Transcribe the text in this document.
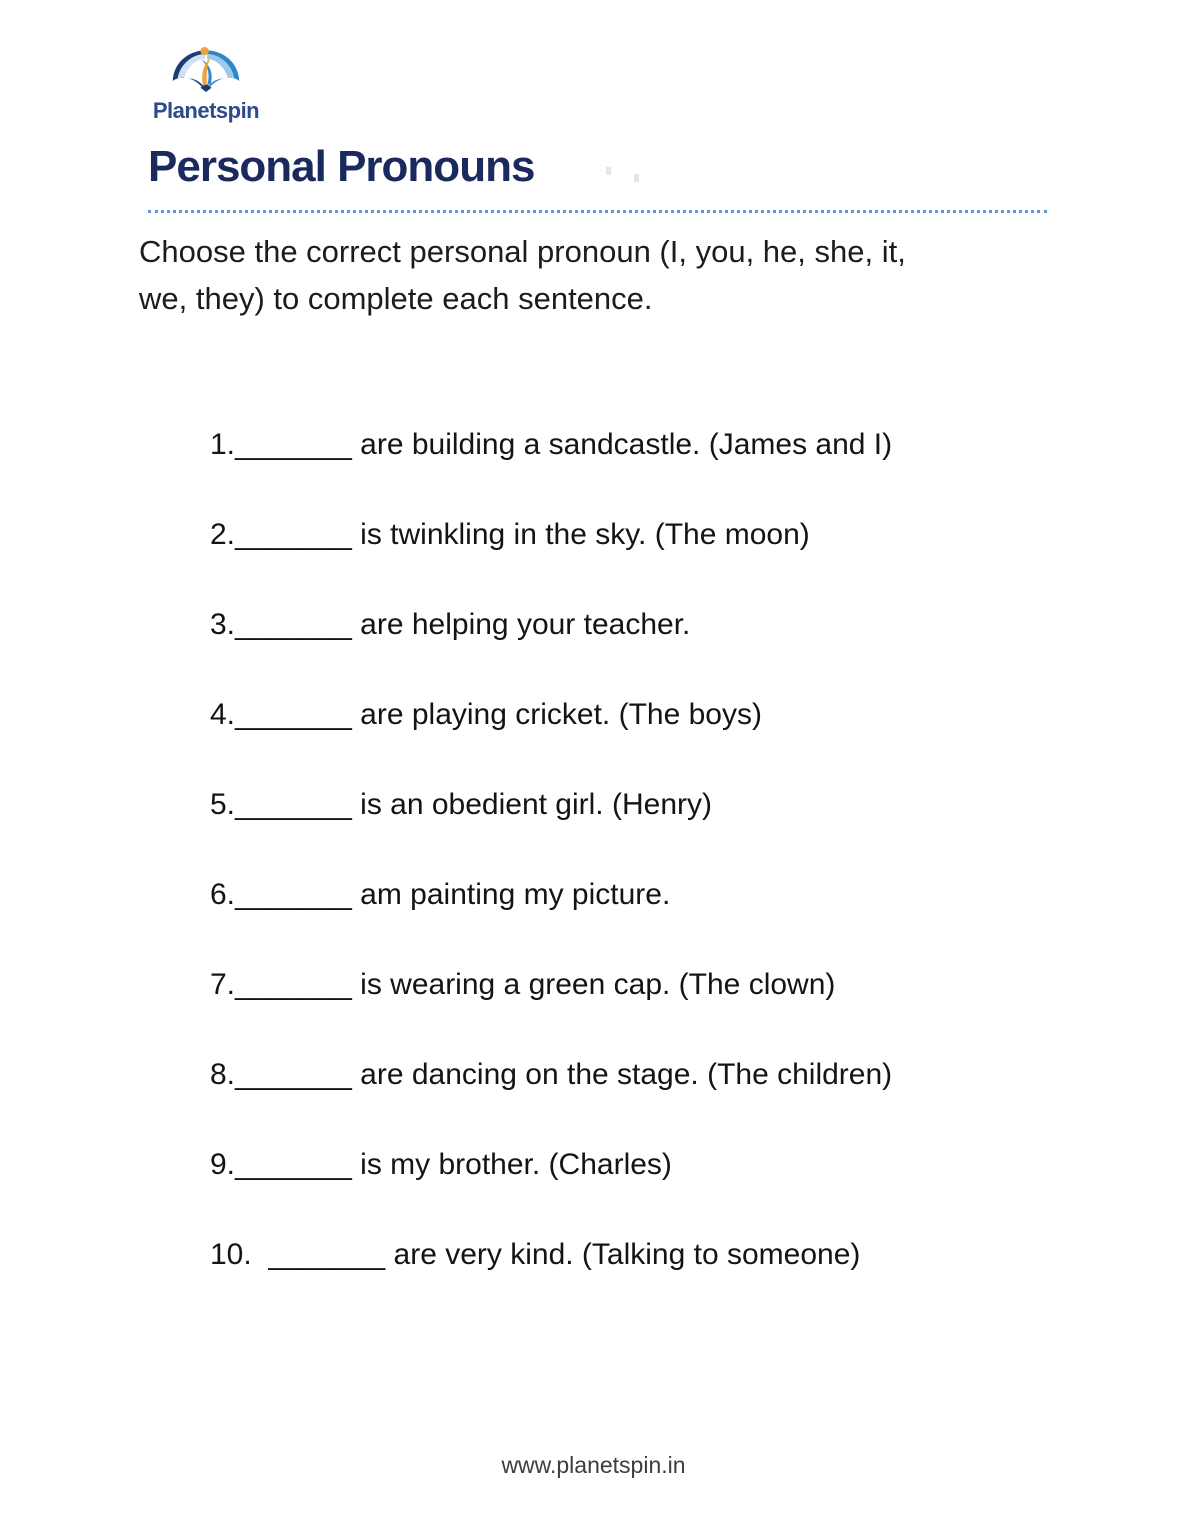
Planetspin
Personal Pronouns
Choose the correct personal pronoun (I, you, he, she, it,
we, they) to complete each sentence.
1._______ are building a sandcastle. (James and I)
2._______ is twinkling in the sky. (The moon)
3._______ are helping your teacher.
4._______ are playing cricket. (The boys)
5._______ is an obedient girl. (Henry)
6._______ am painting my picture.
7._______ is wearing a green cap. (The clown)
8._______ are dancing on the stage. (The children)
9._______ is my brother. (Charles)
10.  _______ are very kind. (Talking to someone)
www.planetspin.in
